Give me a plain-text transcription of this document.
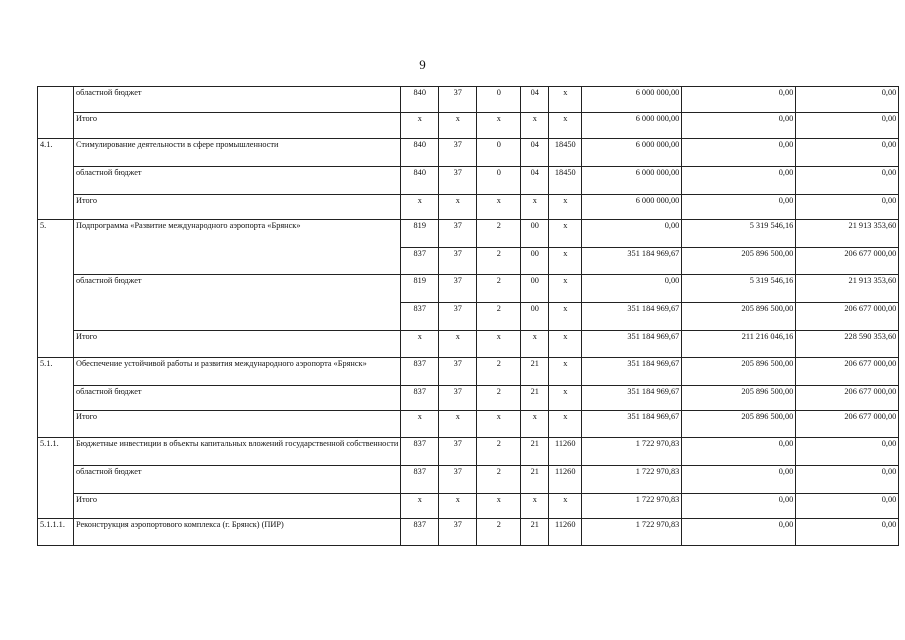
9
	областной бюджет	840	37	0	04	х	6 000 000,00	0,00	0,00
	Итого	х	х	х	х	х	6 000 000,00	0,00	0,00
4.1.	Стимулирование деятельности в сфере промышленности	840	37	0	04	18450	6 000 000,00	0,00	0,00
	областной бюджет	840	37	0	04	18450	6 000 000,00	0,00	0,00
	Итого	х	х	х	х	х	6 000 000,00	0,00	0,00
5.	Подпрограмма «Развитие международного аэропорта «Брянск»	819	37	2	00	х	0,00	5 319 546,16	21 913 353,60
		837	37	2	00	х	351 184 969,67	205 896 500,00	206 677 000,00
	областной бюджет	819	37	2	00	х	0,00	5 319 546,16	21 913 353,60
		837	37	2	00	х	351 184 969,67	205 896 500,00	206 677 000,00
	Итого	х	х	х	х	х	351 184 969,67	211 216 046,16	228 590 353,60
5.1.	Обеспечение устойчивой работы и развития международного аэропорта «Брянск»	837	37	2	21	х	351 184 969,67	205 896 500,00	206 677 000,00
	областной бюджет	837	37	2	21	х	351 184 969,67	205 896 500,00	206 677 000,00
	Итого	х	х	х	х	х	351 184 969,67	205 896 500,00	206 677 000,00
5.1.1.	Бюджетные инвестиции в объекты капитальных вложений государственной собственности	837	37	2	21	11260	1 722 970,83	0,00	0,00
	областной бюджет	837	37	2	21	11260	1 722 970,83	0,00	0,00
	Итого	х	х	х	х	х	1 722 970,83	0,00	0,00
5.1.1.1.	Реконструкция аэропортового комплекса (г. Брянск) (ПИР)	837	37	2	21	11260	1 722 970,83	0,00	0,00
